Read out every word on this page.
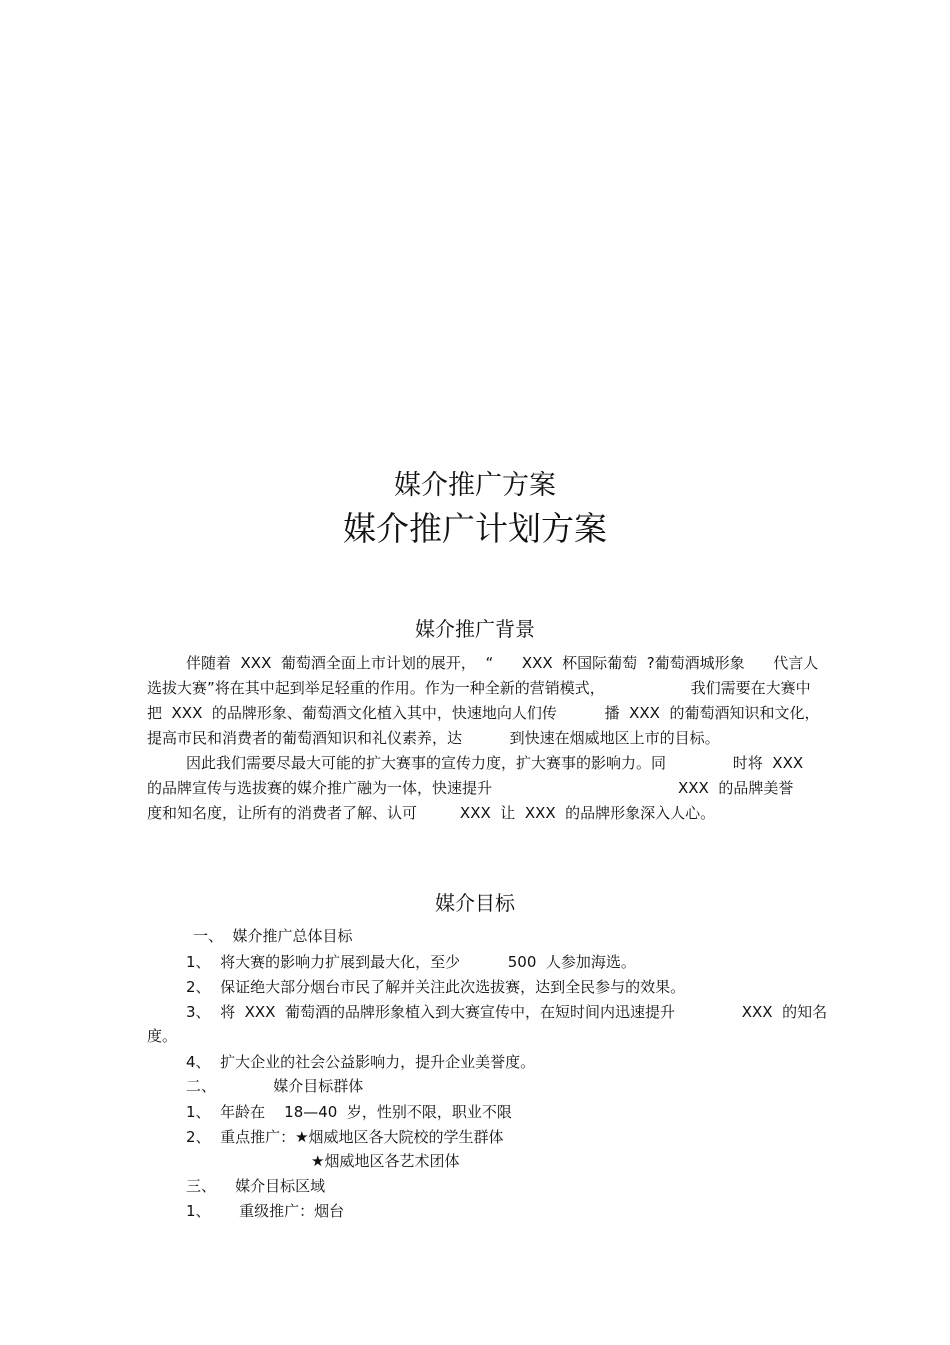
媒介推广方案
媒介推广计划方案
媒介推广背景
伴随着  XXX  葡萄酒全面上市计划的展开，  “      XXX  杯国际葡萄  ?葡萄酒城形象      代言人
选拔大赛”将在其中起到举足轻重的作用。作为一种全新的营销模式，                  我们需要在大赛中
把  XXX  的品牌形象、葡萄酒文化植入其中，快速地向人们传          播  XXX  的葡萄酒知识和文化，
提高市民和消费者的葡萄酒知识和礼仪素养，达          到快速在烟威地区上市的目标。
因此我们需要尽最大可能的扩大赛事的宣传力度，扩大赛事的影响力。同              时将  XXX
的品牌宣传与选拔赛的媒介推广融为一体，快速提升                                       XXX  的品牌美誉
度和知名度，让所有的消费者了解、认可         XXX  让  XXX  的品牌形象深入人心。
媒介目标
一、  媒介推广总体目标
1、  将大赛的影响力扩展到最大化，至少          500  人参加海选。
2、  保证绝大部分烟台市民了解并关注此次选拔赛，达到全民参与的效果。
3、  将  XXX  葡萄酒的品牌形象植入到大赛宣传中，在短时间内迅速提升              XXX  的知名
度。
4、  扩大企业的社会公益影响力，提升企业美誉度。
二、            媒介目标群体
1、  年龄在    18—40  岁，性别不限，职业不限
2、  重点推广：★烟威地区各大院校的学生群体
★烟威地区各艺术团体
三、    媒介目标区域
1、      重级推广：烟台
